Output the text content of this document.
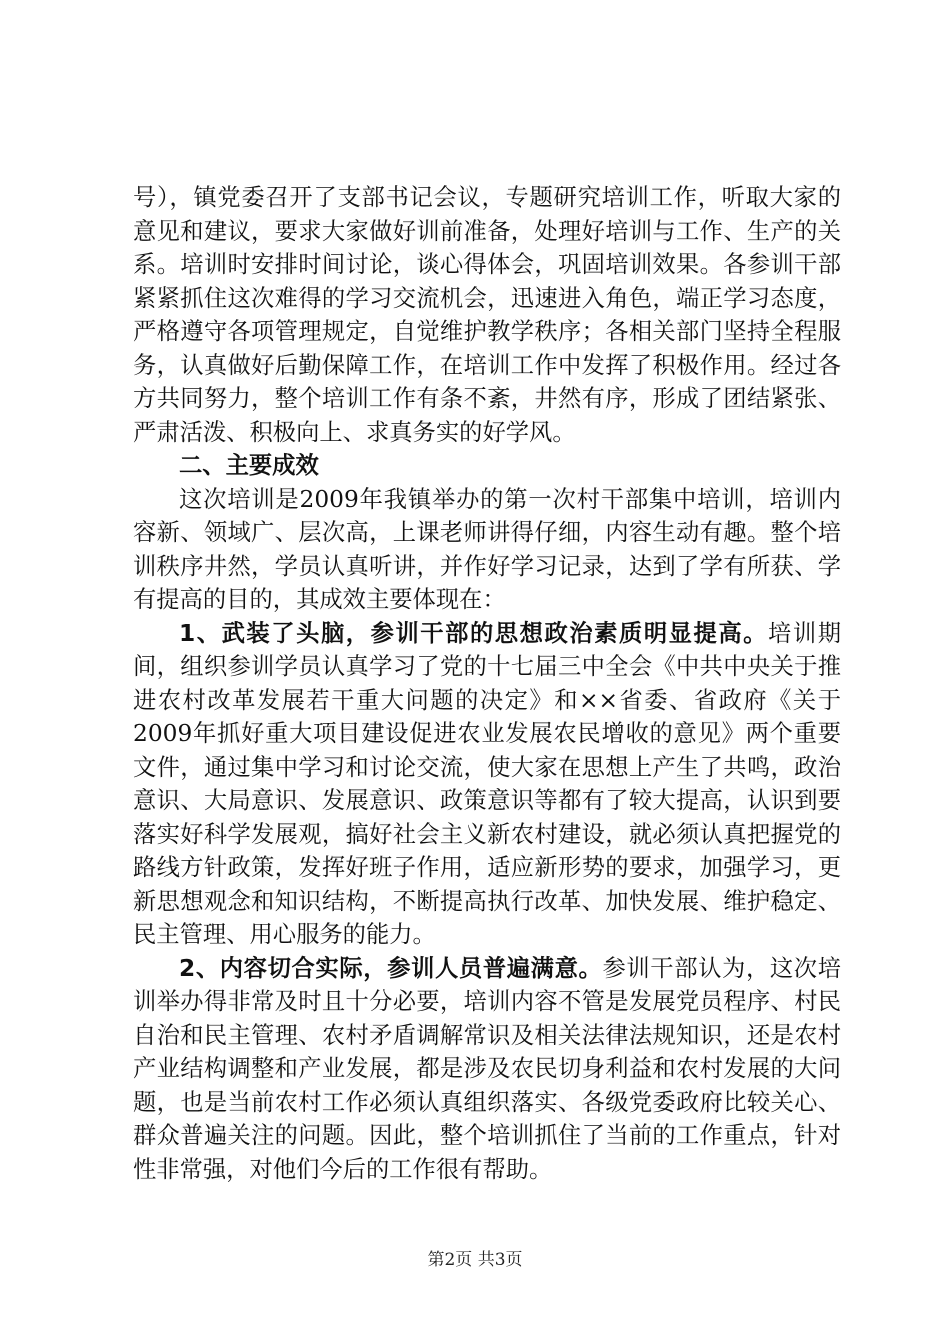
号），镇党委召开了支部书记会议，专题研究培训工作，听取大家的意见和建议，要求大家做好训前准备，处理好培训与工作、生产的关系。培训时安排时间讨论，谈心得体会，巩固培训效果。各参训干部紧紧抓住这次难得的学习交流机会，迅速进入角色，端正学习态度，严格遵守各项管理规定，自觉维护教学秩序；各相关部门坚持全程服务，认真做好后勤保障工作，在培训工作中发挥了积极作用。经过各方共同努力，整个培训工作有条不紊，井然有序，形成了团结紧张、严肃活泼、积极向上、求真务实的好学风。

二、主要成效

这次培训是2009年我镇举办的第一次村干部集中培训，培训内容新、领域广、层次高，上课老师讲得仔细，内容生动有趣。整个培训秩序井然，学员认真听讲，并作好学习记录，达到了学有所获、学有提高的目的，其成效主要体现在：

1、武装了头脑，参训干部的思想政治素质明显提高。培训期间，组织参训学员认真学习了党的十七届三中全会《中共中央关于推进农村改革发展若干重大问题的决定》和××省委、省政府《关于2009年抓好重大项目建设促进农业发展农民增收的意见》两个重要文件，通过集中学习和讨论交流，使大家在思想上产生了共鸣，政治意识、大局意识、发展意识、政策意识等都有了较大提高，认识到要落实好科学发展观，搞好社会主义新农村建设，就必须认真把握党的路线方针政策，发挥好班子作用，适应新形势的要求，加强学习，更新思想观念和知识结构，不断提高执行改革、加快发展、维护稳定、民主管理、用心服务的能力。

2、内容切合实际，参训人员普遍满意。参训干部认为，这次培训举办得非常及时且十分必要，培训内容不管是发展党员程序、村民自治和民主管理、农村矛盾调解常识及相关法律法规知识，还是农村产业结构调整和产业发展，都是涉及农民切身利益和农村发展的大问题，也是当前农村工作必须认真组织落实、各级党委政府比较关心、群众普遍关注的问题。因此，整个培训抓住了当前的工作重点，针对性非常强，对他们今后的工作很有帮助。

第2页 共3页
